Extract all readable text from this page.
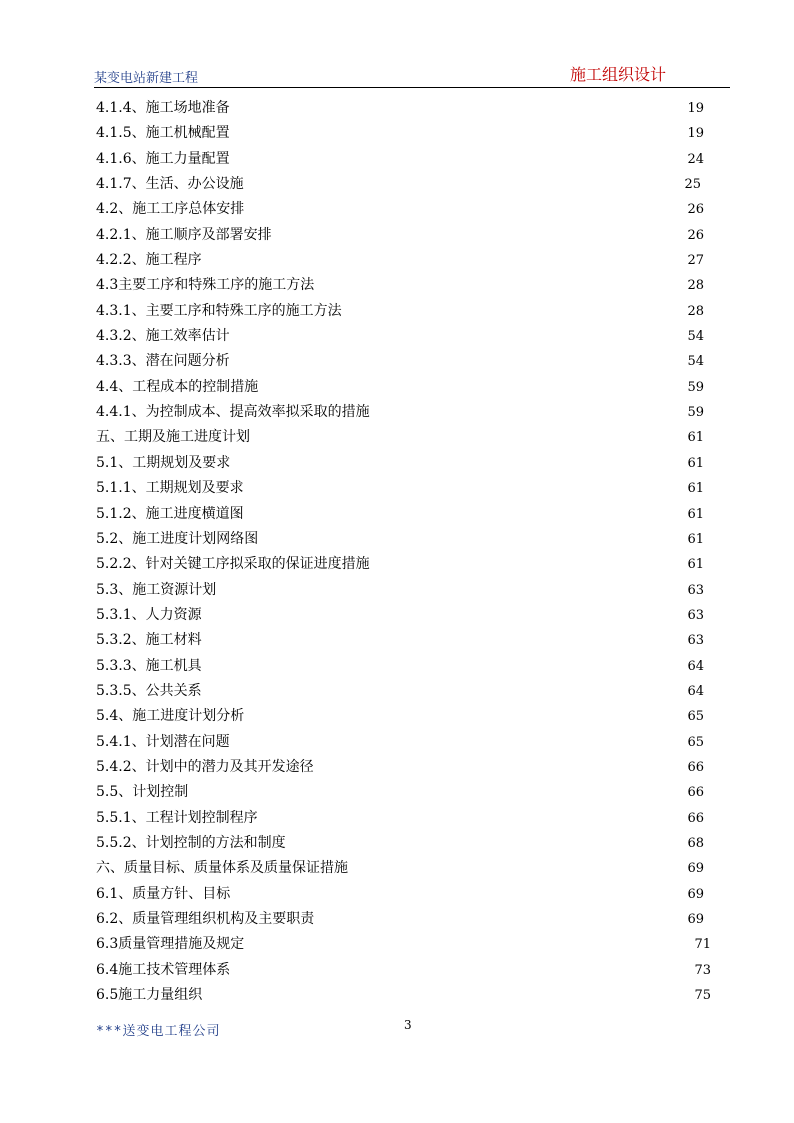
某变电站新建工程	施工组织设计
4.1.4、施工场地准备	19
4.1.5、施工机械配置	19
4.1.6、施工力量配置	24
4.1.7、生活、办公设施	25
4.2、施工工序总体安排	26
4.2.1、施工顺序及部署安排	26
4.2.2、施工程序	27
4.3主要工序和特殊工序的施工方法	28
4.3.1、主要工序和特殊工序的施工方法	28
4.3.2、施工效率估计	54
4.3.3、潜在问题分析	54
4.4、工程成本的控制措施	59
4.4.1、为控制成本、提高效率拟采取的措施	59
五、工期及施工进度计划	61
5.1、工期规划及要求	61
5.1.1、工期规划及要求	61
5.1.2、施工进度横道图	61
5.2、施工进度计划网络图	61
5.2.2、针对关键工序拟采取的保证进度措施	61
5.3、施工资源计划	63
5.3.1、人力资源	63
5.3.2、施工材料	63
5.3.3、施工机具	64
5.3.5、公共关系	64
5.4、施工进度计划分析	65
5.4.1、计划潜在问题	65
5.4.2、计划中的潜力及其开发途径	66
5.5、计划控制	66
5.5.1、工程计划控制程序	66
5.5.2、计划控制的方法和制度	68
六、质量目标、质量体系及质量保证措施	69
6.1、质量方针、目标	69
6.2、质量管理组织机构及主要职责	69
6.3质量管理措施及规定	71
6.4施工技术管理体系	73
6.5施工力量组织	75
***送变电工程公司	3
